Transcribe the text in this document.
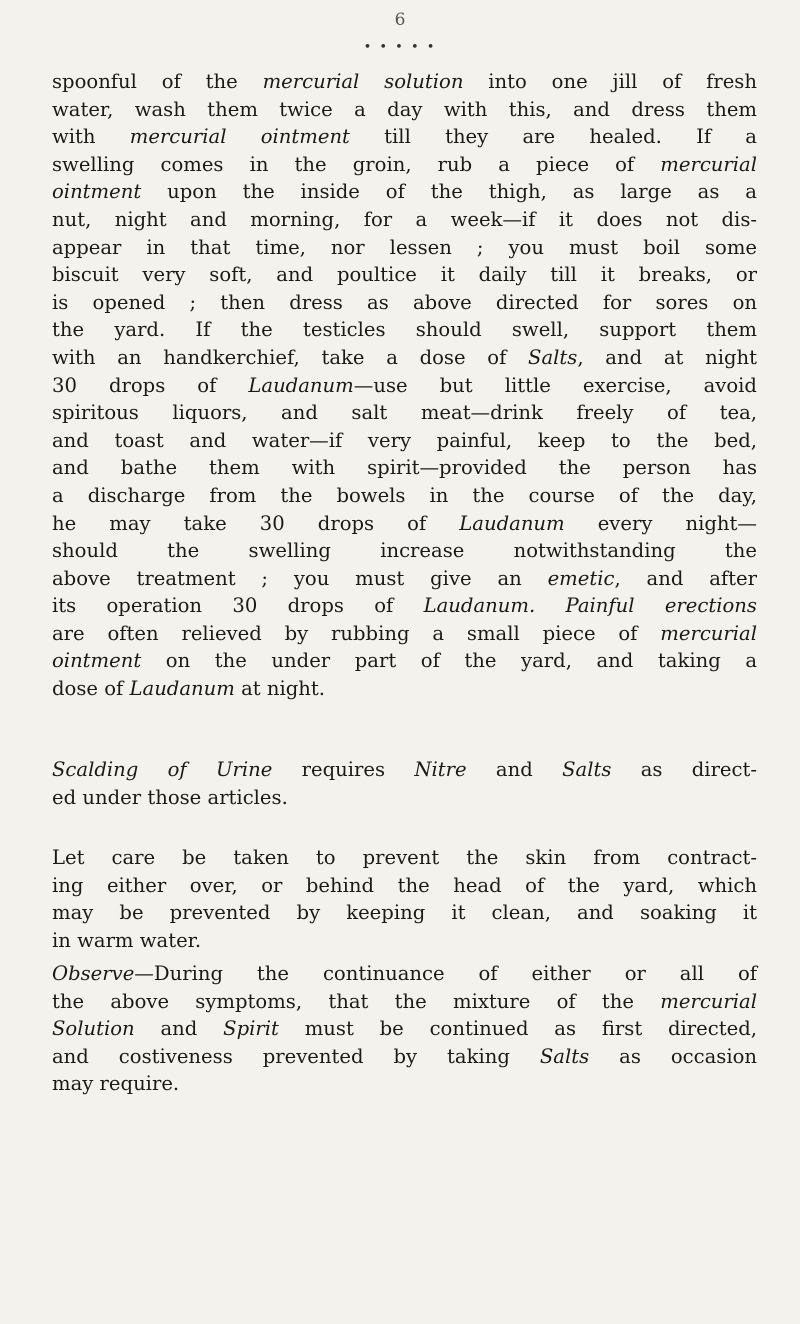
6
• • • • •
spoonful of the mercurial solution into one jill of fresh
water, wash them twice a day with this, and dress them
with mercurial ointment till they are healed. If a
swelling comes in the groin, rub a piece of mercurial
ointment upon the inside of the thigh, as large as a
nut, night and morning, for a week—if it does not dis-
appear in that time, nor lessen ; you must boil some
biscuit very soft, and poultice it daily till it breaks, or
is opened ; then dress as above directed for sores on
the yard. If the testicles should swell, support them
with an handkerchief, take a dose of Salts, and at night
30 drops of Laudanum—use but little exercise, avoid
spiritous liquors, and salt meat—drink freely of tea,
and toast and water—if very painful, keep to the bed,
and bathe them with spirit—provided the person has
a discharge from the bowels in the course of the day,
he may take 30 drops of Laudanum every night—
should the swelling increase notwithstanding the
above treatment ; you must give an emetic, and after
its operation 30 drops of Laudanum. Painful erections
are often relieved by rubbing a small piece of mercurial
ointment on the under part of the yard, and taking a
dose of Laudanum at night.
Scalding of Urine requires Nitre and Salts as direct-
ed under those articles.
Let care be taken to prevent the skin from contract-
ing either over, or behind the head of the yard, which
may be prevented by keeping it clean, and soaking it
in warm water.
Observe—During the continuance of either or all of
the above symptoms, that the mixture of the mercurial
Solution and Spirit must be continued as first directed,
and costiveness prevented by taking Salts as occasion
may require.
